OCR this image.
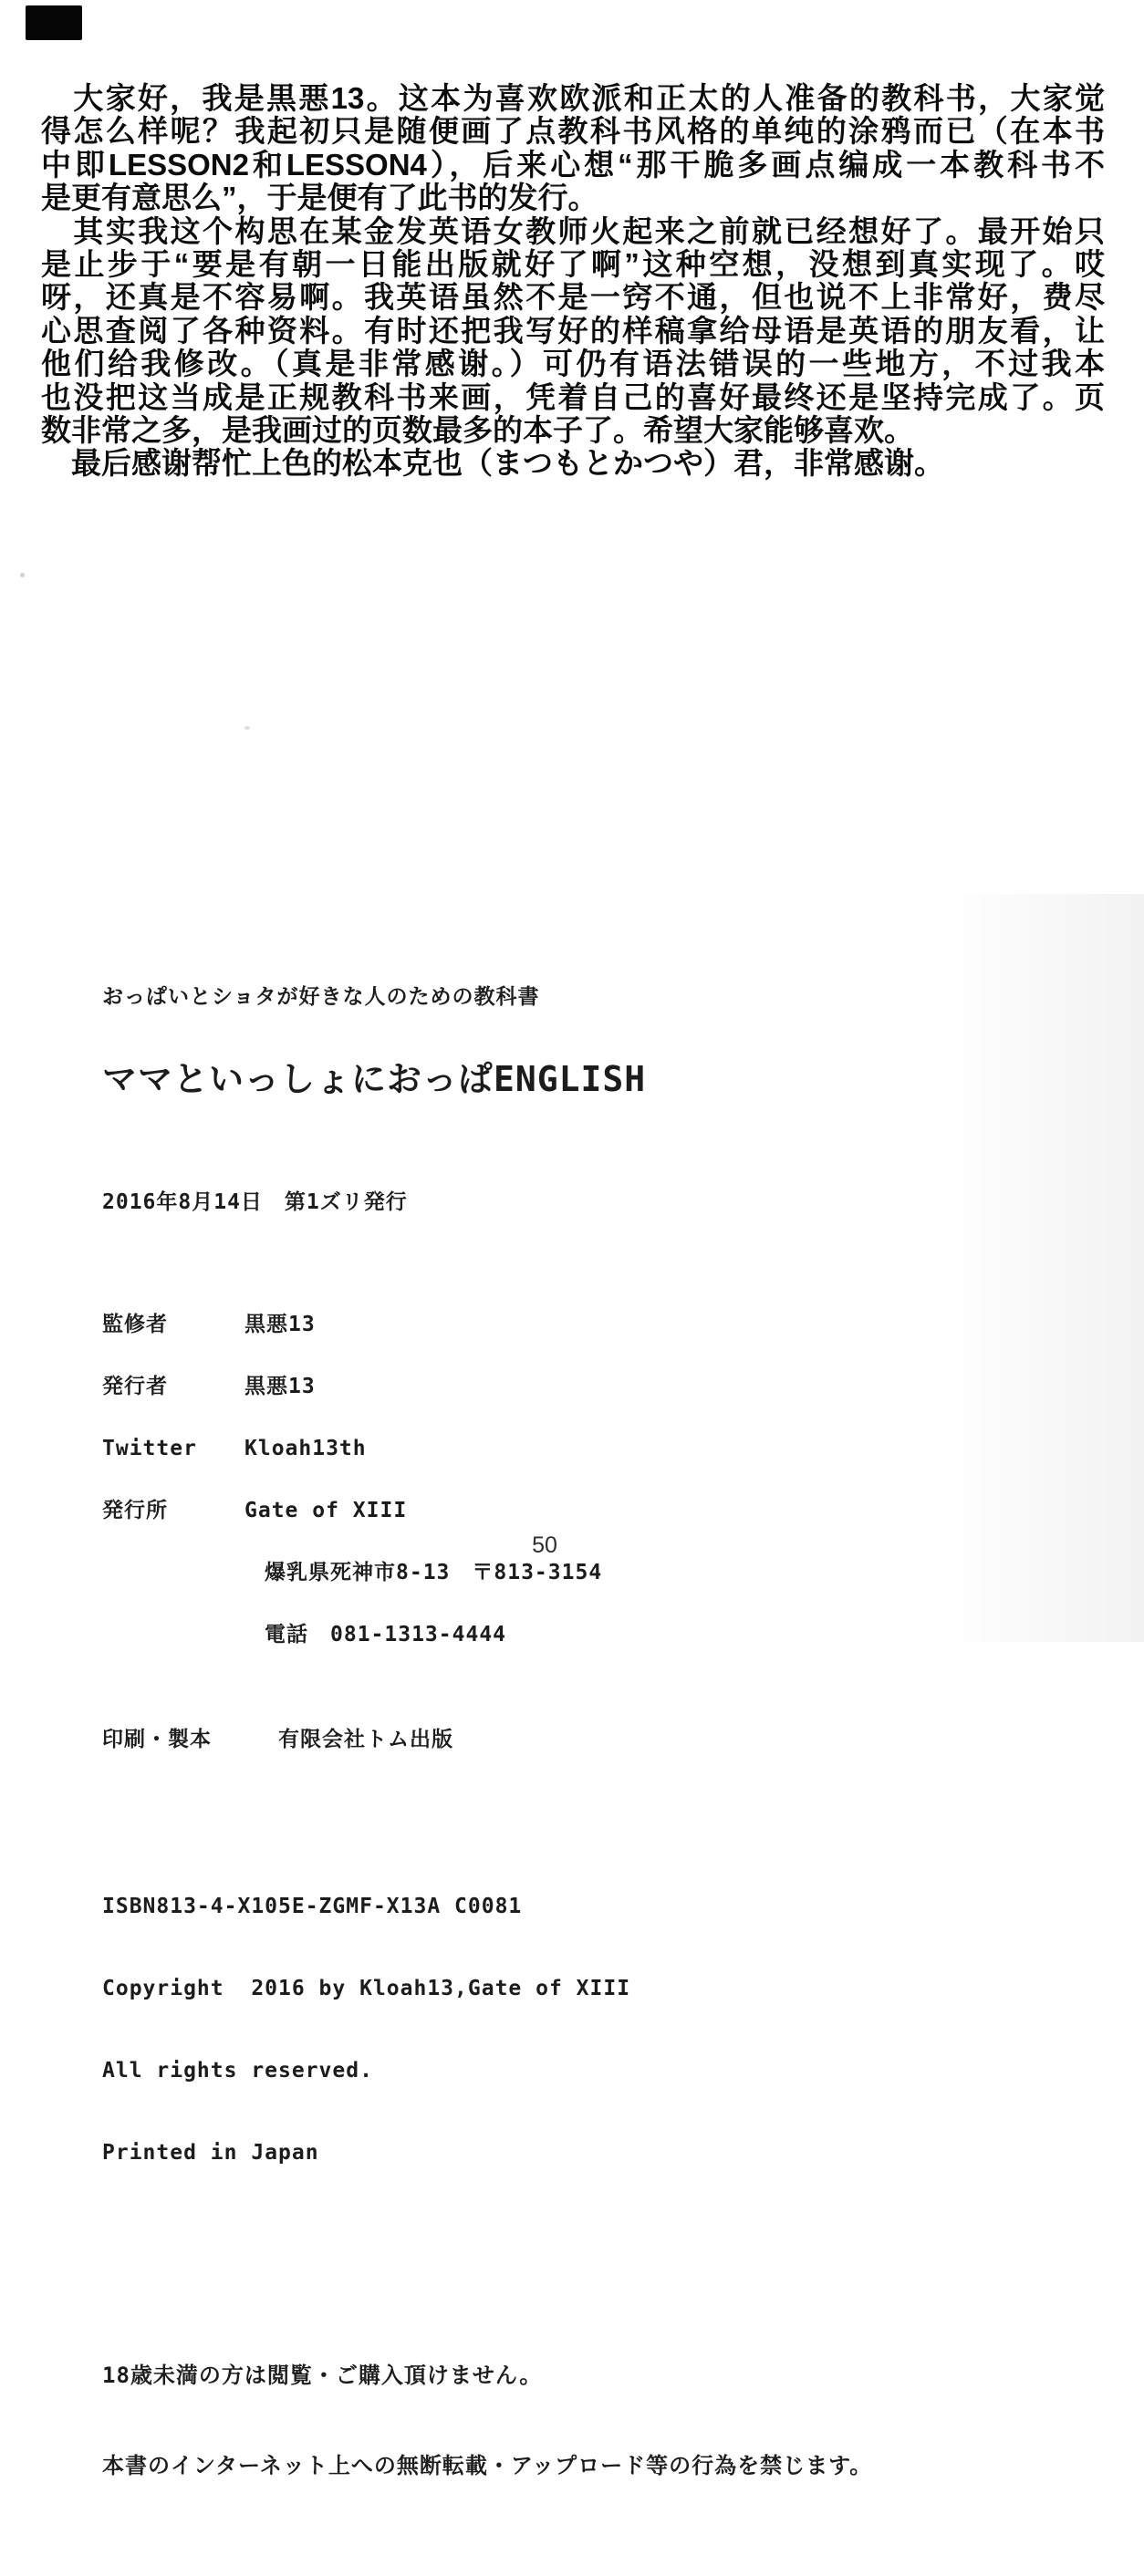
　大家好，我是黒悪13。这本为喜欢欧派和正太的人准备的教科书，大家觉
得怎么样呢？我起初只是随便画了点教科书风格的单纯的涂鸦而已（在本书
中即LESSON2和LESSON4），后来心想“那干脆多画点编成一本教科书不
是更有意思么”，于是便有了此书的发行。
　其实我这个构思在某金发英语女教师火起来之前就已经想好了。最开始只
是止步于“要是有朝一日能出版就好了啊”这种空想，没想到真实现了。哎
呀，还真是不容易啊。我英语虽然不是一窍不通，但也说不上非常好，费尽
心思查阅了各种资料。有时还把我写好的样稿拿给母语是英语的朋友看，让
他们给我修改。（真是非常感谢。）可仍有语法错误的一些地方，不过我本
也没把这当成是正规教科书来画，凭着自己的喜好最终还是坚持完成了。页
数非常之多，是我画过的页数最多的本子了。希望大家能够喜欢。
　最后感谢帮忙上色的松本克也（まつもとかつや）君，非常感谢。

おっぱいとショタが好きな人のための教科書

ママといっしょにおっぱENGLISH

2016年8月14日　第1ズリ発行

監修者	黒悪13

発行者	黒悪13

Twitter	Kloah13th

発行所	Gate of XIII

爆乳県死神市8-13　〒813-3154

電話　081-1313-4444

印刷・製本	有限会社トム出版

ISBN813-4-X105E-ZGMF-X13A C0081

Copyright  2016 by Kloah13,Gate of XIII

All rights reserved.

Printed in Japan

18歳未満の方は閲覧・ご購入頂けません。

本書のインターネット上への無断転載・アップロード等の行為を禁じます。

50
